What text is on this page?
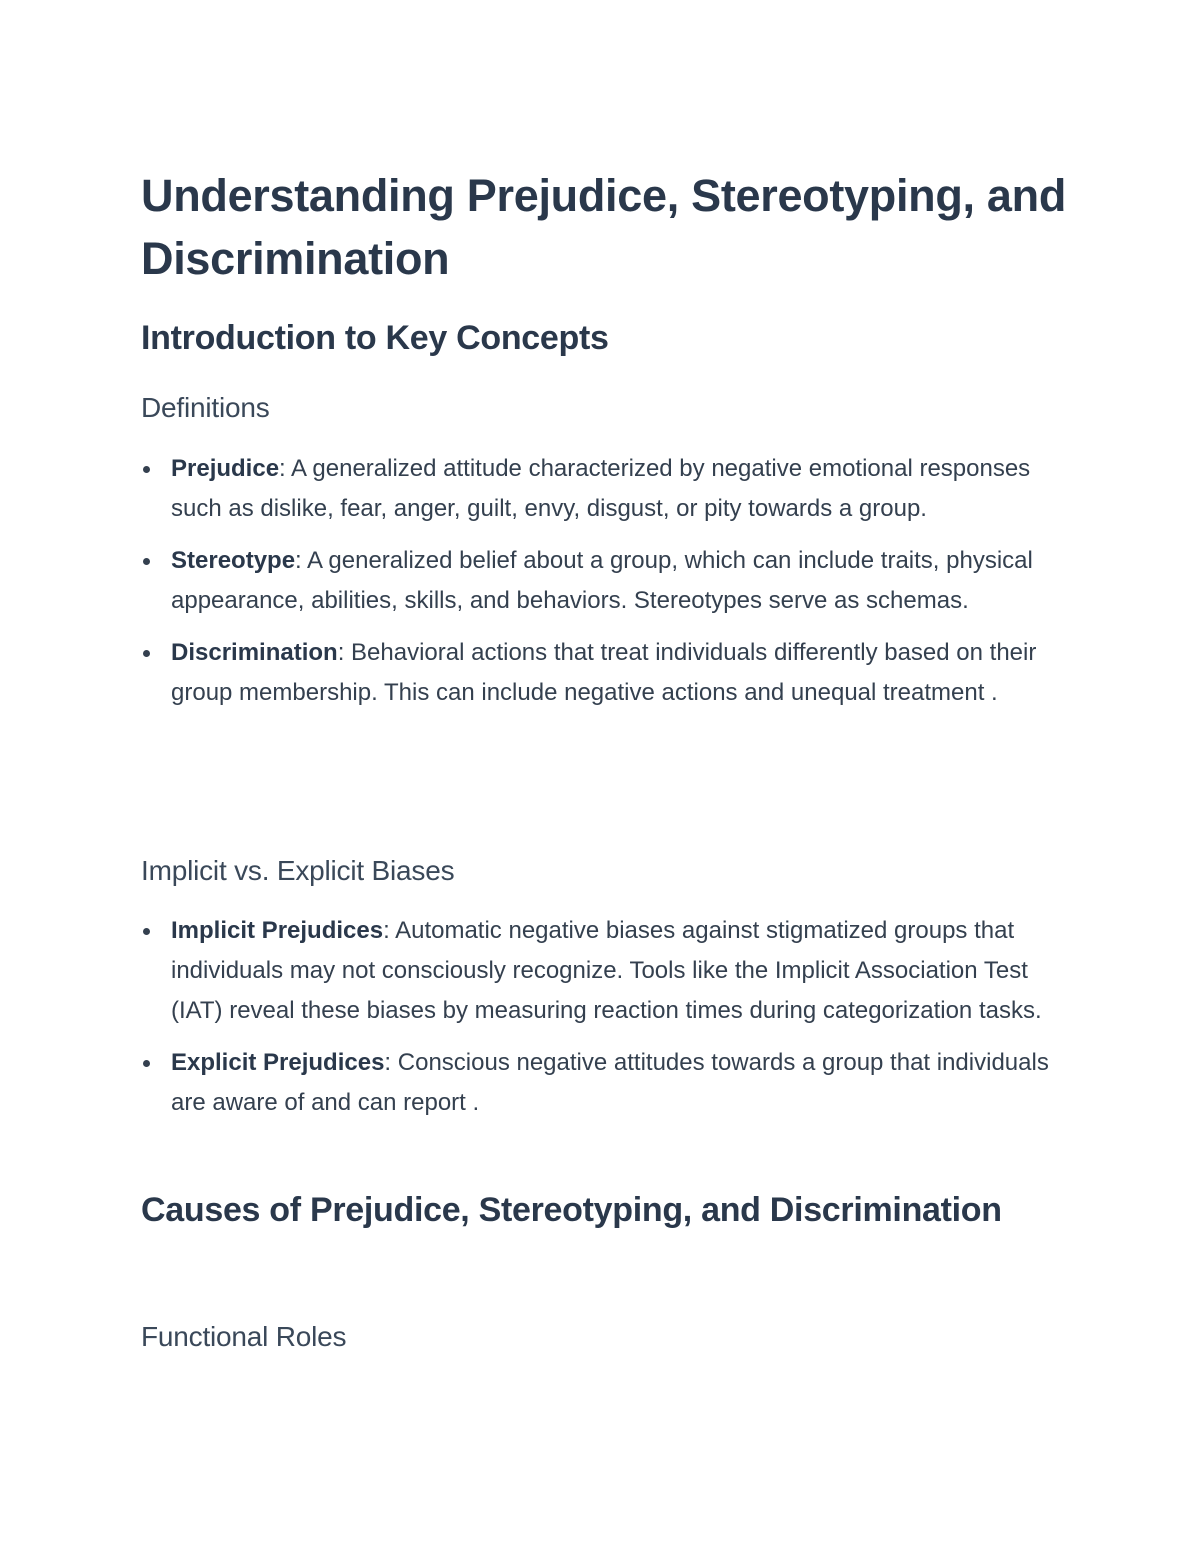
Understanding Prejudice, Stereotyping, and Discrimination
Introduction to Key Concepts
Definitions
Prejudice: A generalized attitude characterized by negative emotional responses such as dislike, fear, anger, guilt, envy, disgust, or pity towards a group.
Stereotype: A generalized belief about a group, which can include traits, physical appearance, abilities, skills, and behaviors. Stereotypes serve as schemas.
Discrimination: Behavioral actions that treat individuals differently based on their group membership. This can include negative actions and unequal treatment .
Implicit vs. Explicit Biases
Implicit Prejudices: Automatic negative biases against stigmatized groups that individuals may not consciously recognize. Tools like the Implicit Association Test (IAT) reveal these biases by measuring reaction times during categorization tasks.
Explicit Prejudices: Conscious negative attitudes towards a group that individuals are aware of and can report .
Causes of Prejudice, Stereotyping, and Discrimination
Functional Roles
